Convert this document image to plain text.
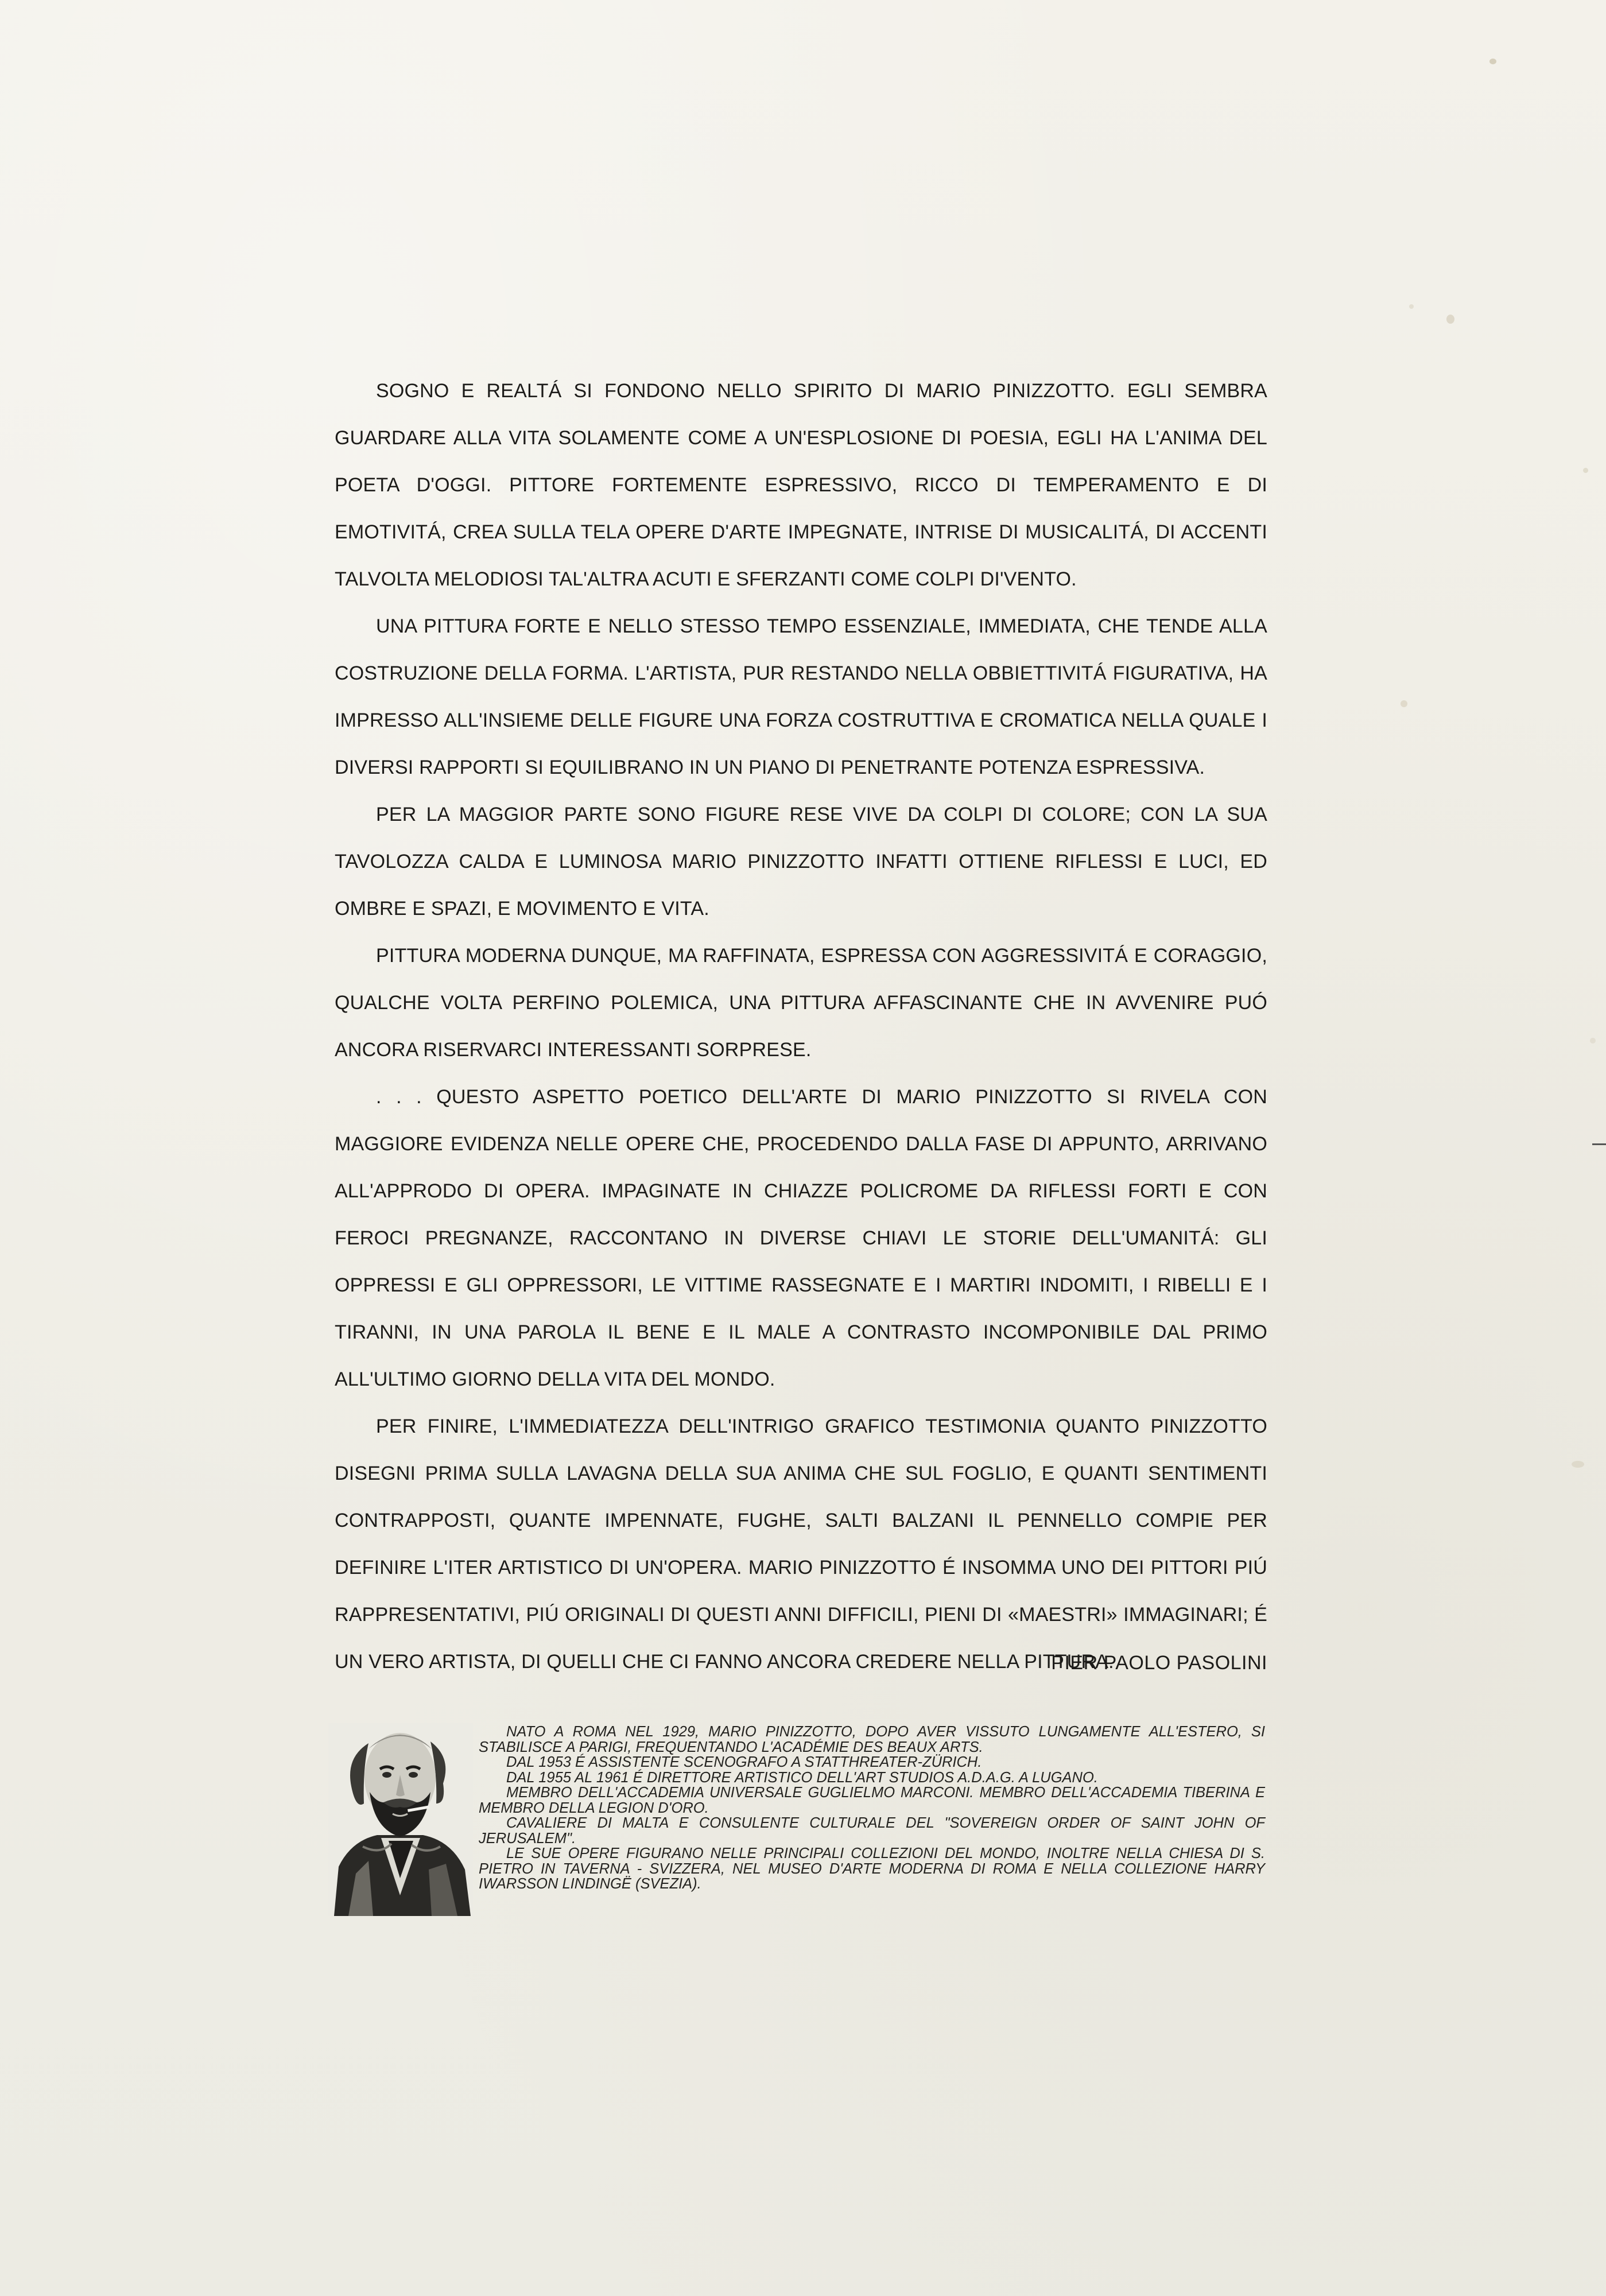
SOGNO E REALTÁ SI FONDONO NELLO SPIRITO DI MARIO PINIZZOTTO. EGLI SEMBRA GUARDARE ALLA VITA SOLAMENTE COME A UN'ESPLOSIONE DI POESIA, EGLI HA L'ANIMA DEL POETA D'OGGI. PITTORE FORTEMENTE ESPRESSIVO, RICCO DI TEMPERAMENTO E DI EMOTIVITÁ, CREA SULLA TELA OPERE D'ARTE IMPEGNATE, INTRISE DI MUSICALITÁ, DI ACCENTI TALVOLTA MELODIOSI TAL'ALTRA ACUTI E SFERZANTI COME COLPI DI'VENTO.

UNA PITTURA FORTE E NELLO STESSO TEMPO ESSENZIALE, IMMEDIATA, CHE TENDE ALLA COSTRUZIONE DELLA FORMA. L'ARTISTA, PUR RESTANDO NELLA OBBIETTIVITÁ FIGURATIVA, HA IMPRESSO ALL'INSIEME DELLE FIGURE UNA FORZA COSTRUTTIVA E CROMATICA NELLA QUALE I DIVERSI RAPPORTI SI EQUILIBRANO IN UN PIANO DI PENETRANTE POTENZA ESPRESSIVA.

PER LA MAGGIOR PARTE SONO FIGURE RESE VIVE DA COLPI DI COLORE; CON LA SUA TAVOLOZZA CALDA E LUMINOSA MARIO PINIZZOTTO INFATTI OTTIENE RIFLESSI E LUCI, ED OMBRE E SPAZI, E MOVIMENTO E VITA.

PITTURA MODERNA DUNQUE, MA RAFFINATA, ESPRESSA CON AGGRESSIVITÁ E CORAGGIO, QUALCHE VOLTA PERFINO POLEMICA, UNA PITTURA AFFASCINANTE CHE IN AVVENIRE PUÓ ANCORA RISERVARCI INTERESSANTI SORPRESE.

. . . QUESTO ASPETTO POETICO DELL'ARTE DI MARIO PINIZZOTTO SI RIVELA CON MAGGIORE EVIDENZA NELLE OPERE CHE, PROCEDENDO DALLA FASE DI APPUNTO, ARRIVANO ALL'APPRODO DI OPERA. IMPAGINATE IN CHIAZZE POLICROME DA RIFLESSI FORTI E CON FEROCI PREGNANZE, RACCONTANO IN DIVERSE CHIAVI LE STORIE DELL'UMANITÁ: GLI OPPRESSI E GLI OPPRESSORI, LE VITTIME RASSEGNATE E I MARTIRI INDOMITI, I RIBELLI E I TIRANNI, IN UNA PAROLA IL BENE E IL MALE A CONTRASTO INCOMPONIBILE DAL PRIMO ALL'ULTIMO GIORNO DELLA VITA DEL MONDO.

PER FINIRE, L'IMMEDIATEZZA DELL'INTRIGO GRAFICO TESTIMONIA QUANTO PINIZZOTTO DISEGNI PRIMA SULLA LAVAGNA DELLA SUA ANIMA CHE SUL FOGLIO, E QUANTI SENTIMENTI CONTRAPPOSTI, QUANTE IMPENNATE, FUGHE, SALTI BALZANI IL PENNELLO COMPIE PER DEFINIRE L'ITER ARTISTICO DI UN'OPERA. MARIO PINIZZOTTO É INSOMMA UNO DEI PITTORI PIÚ RAPPRESENTATIVI, PIÚ ORIGINALI DI QUESTI ANNI DIFFICILI, PIENI DI «MAESTRI» IMMAGINARI; É UN VERO ARTISTA, DI QUELLI CHE CI FANNO ANCORA CREDERE NELLA PITTURA.

PIER PAOLO PASOLINI

NATO A ROMA NEL 1929, MARIO PINIZZOTTO, DOPO AVER VISSUTO LUNGAMENTE ALL'ESTERO, SI STABILISCE A PARIGI, FREQUENTANDO L'ACADÉMIE DES BEAUX ARTS.

DAL 1953 É ASSISTENTE SCENOGRAFO A STATTHREATER-ZÜRICH.

DAL 1955 AL 1961 É DIRETTORE ARTISTICO DELL'ART STUDIOS A.D.A.G. A LUGANO.

MEMBRO DELL'ACCADEMIA UNIVERSALE GUGLIELMO MARCONI. MEMBRO DELL'ACCADEMIA TIBERINA E MEMBRO DELLA LEGION D'ORO.

CAVALIERE DI MALTA E CONSULENTE CULTURALE DEL "SOVEREIGN ORDER OF SAINT JOHN OF JERUSALEM".

LE SUE OPERE FIGURANO NELLE PRINCIPALI COLLEZIONI DEL MONDO, INOLTRE NELLA CHIESA DI S. PIETRO IN TAVERNA - SVIZZERA, NEL MUSEO D'ARTE MODERNA DI ROMA E NELLA COLLEZIONE HARRY IWARSSON LINDINGË (SVEZIA).
